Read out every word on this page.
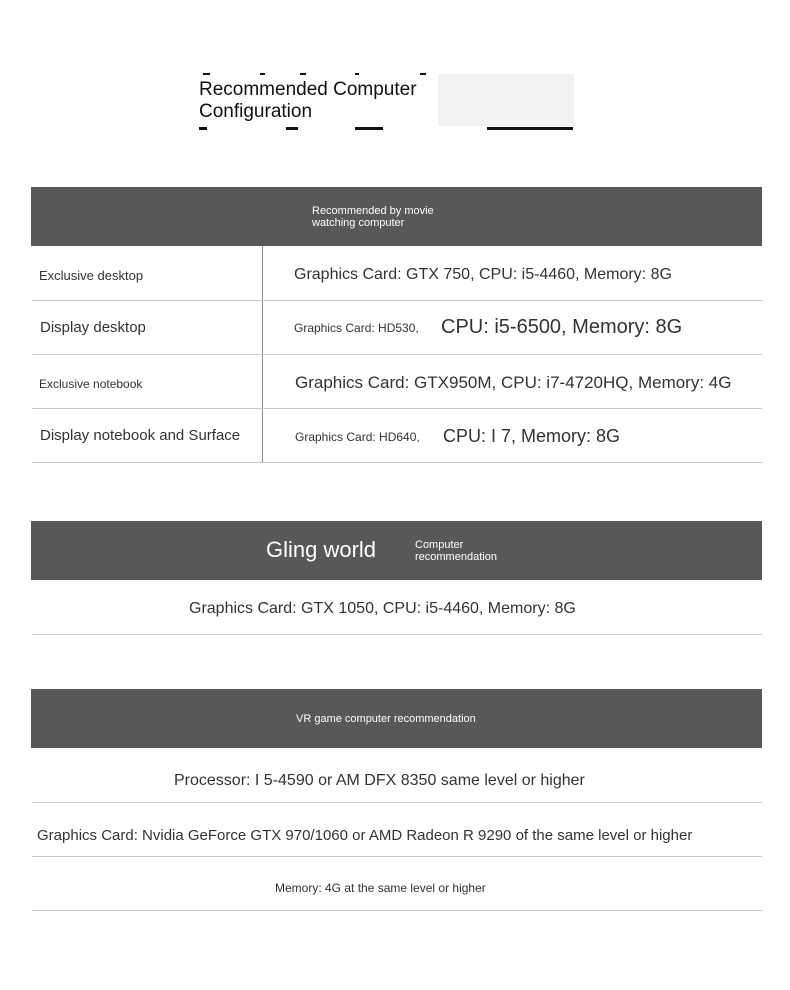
Recommended Computer Configuration
Recommended by movie watching computer
Exclusive desktop	Graphics Card: GTX 750, CPU: i5-4460, Memory: 8G
Display desktop	Graphics Card: HD530, CPU: i5-6500, Memory: 8G
Exclusive notebook	Graphics Card: GTX950M, CPU: i7-4720HQ, Memory: 4G
Display notebook and Surface	Graphics Card: HD640, CPU: I 7, Memory: 8G
Gling world	Computer recommendation
Graphics Card: GTX 1050, CPU: i5-4460, Memory: 8G
VR game computer recommendation
Processor: I 5-4590 or AM DFX 8350 same level or higher
Graphics Card: Nvidia GeForce GTX 970/1060 or AMD Radeon R 9290 of the same level or higher
Memory: 4G at the same level or higher
